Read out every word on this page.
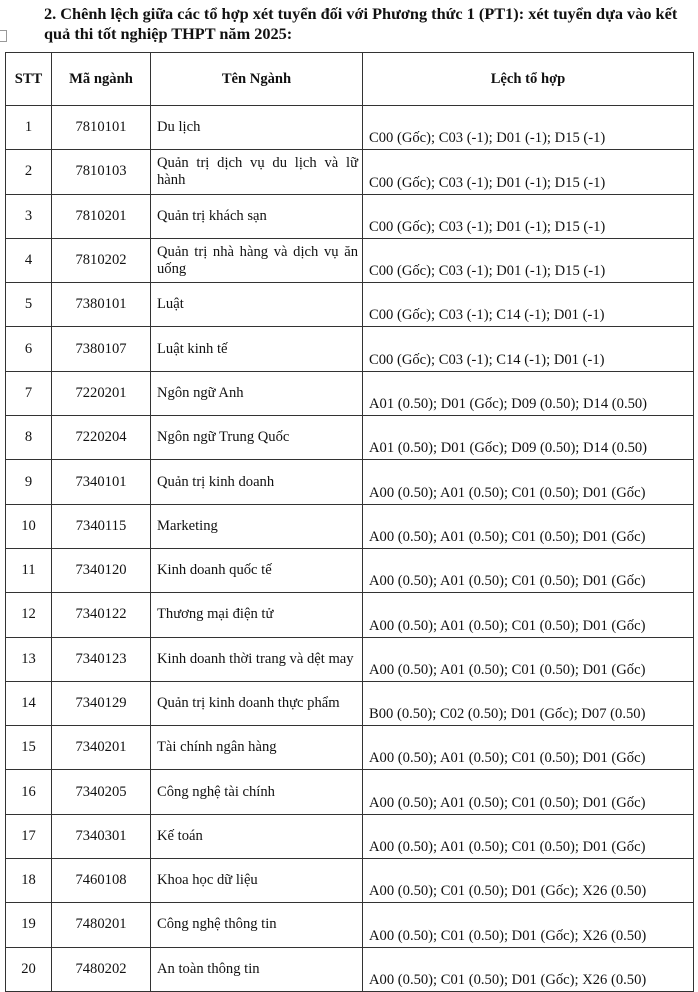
2. Chênh lệch giữa các tổ hợp xét tuyển đối với Phương thức 1 (PT1): xét tuyển dựa vào kết quả thi tốt nghiệp THPT năm 2025:
STT	Mã ngành	Tên Ngành	Lệch tổ hợp
1	7810101	Du lịch	C00 (Gốc); C03 (-1); D01 (-1); D15 (-1)
2	7810103	Quản trị dịch vụ du lịch và lữ hành	C00 (Gốc); C03 (-1); D01 (-1); D15 (-1)
3	7810201	Quản trị khách sạn	C00 (Gốc); C03 (-1); D01 (-1); D15 (-1)
4	7810202	Quản trị nhà hàng và dịch vụ ăn uống	C00 (Gốc); C03 (-1); D01 (-1); D15 (-1)
5	7380101	Luật	C00 (Gốc); C03 (-1); C14 (-1); D01 (-1)
6	7380107	Luật kinh tế	C00 (Gốc); C03 (-1); C14 (-1); D01 (-1)
7	7220201	Ngôn ngữ Anh	A01 (0.50); D01 (Gốc); D09 (0.50); D14 (0.50)
8	7220204	Ngôn ngữ Trung Quốc	A01 (0.50); D01 (Gốc); D09 (0.50); D14 (0.50)
9	7340101	Quản trị kinh doanh	A00 (0.50); A01 (0.50); C01 (0.50); D01 (Gốc)
10	7340115	Marketing	A00 (0.50); A01 (0.50); C01 (0.50); D01 (Gốc)
11	7340120	Kinh doanh quốc tế	A00 (0.50); A01 (0.50); C01 (0.50); D01 (Gốc)
12	7340122	Thương mại điện tử	A00 (0.50); A01 (0.50); C01 (0.50); D01 (Gốc)
13	7340123	Kinh doanh thời trang và dệt may	A00 (0.50); A01 (0.50); C01 (0.50); D01 (Gốc)
14	7340129	Quản trị kinh doanh thực phẩm	B00 (0.50); C02 (0.50); D01 (Gốc); D07 (0.50)
15	7340201	Tài chính ngân hàng	A00 (0.50); A01 (0.50); C01 (0.50); D01 (Gốc)
16	7340205	Công nghệ tài chính	A00 (0.50); A01 (0.50); C01 (0.50); D01 (Gốc)
17	7340301	Kế toán	A00 (0.50); A01 (0.50); C01 (0.50); D01 (Gốc)
18	7460108	Khoa học dữ liệu	A00 (0.50); C01 (0.50); D01 (Gốc); X26 (0.50)
19	7480201	Công nghệ thông tin	A00 (0.50); C01 (0.50); D01 (Gốc); X26 (0.50)
20	7480202	An toàn thông tin	A00 (0.50); C01 (0.50); D01 (Gốc); X26 (0.50)
